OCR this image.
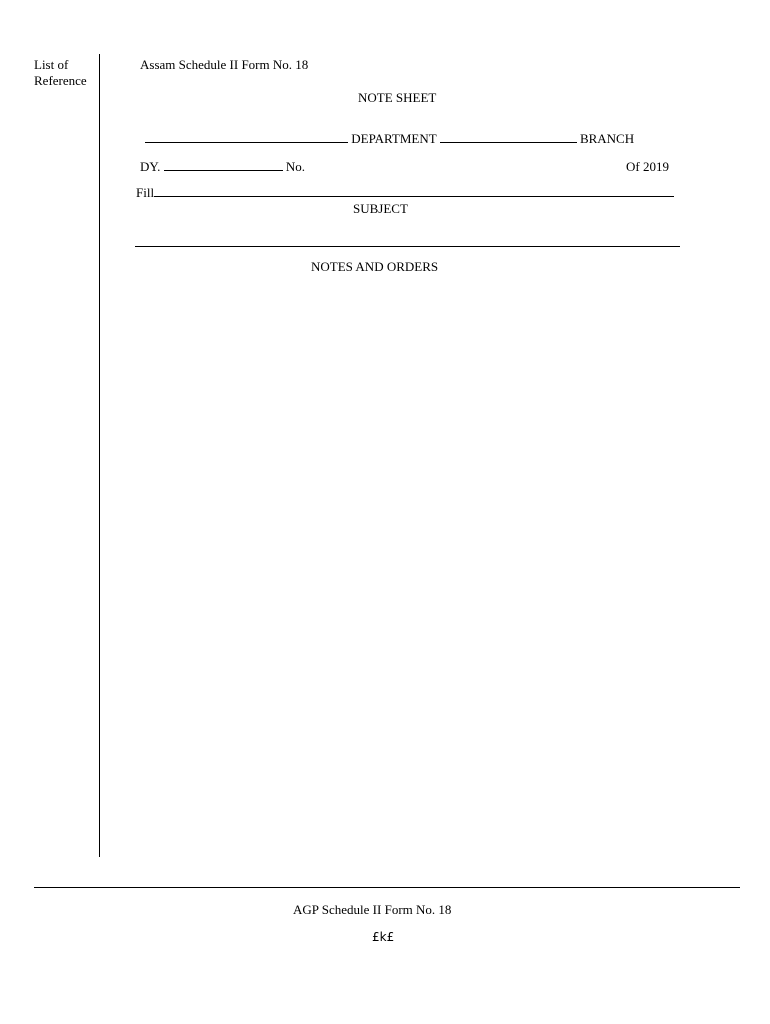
List of
Reference
Assam Schedule II Form No. 18
NOTE SHEET
DEPARTMENT	BRANCH
DY.	No.	Of 2019
Fill
SUBJECT
NOTES AND ORDERS
AGP Schedule II Form No. 18
£k£
